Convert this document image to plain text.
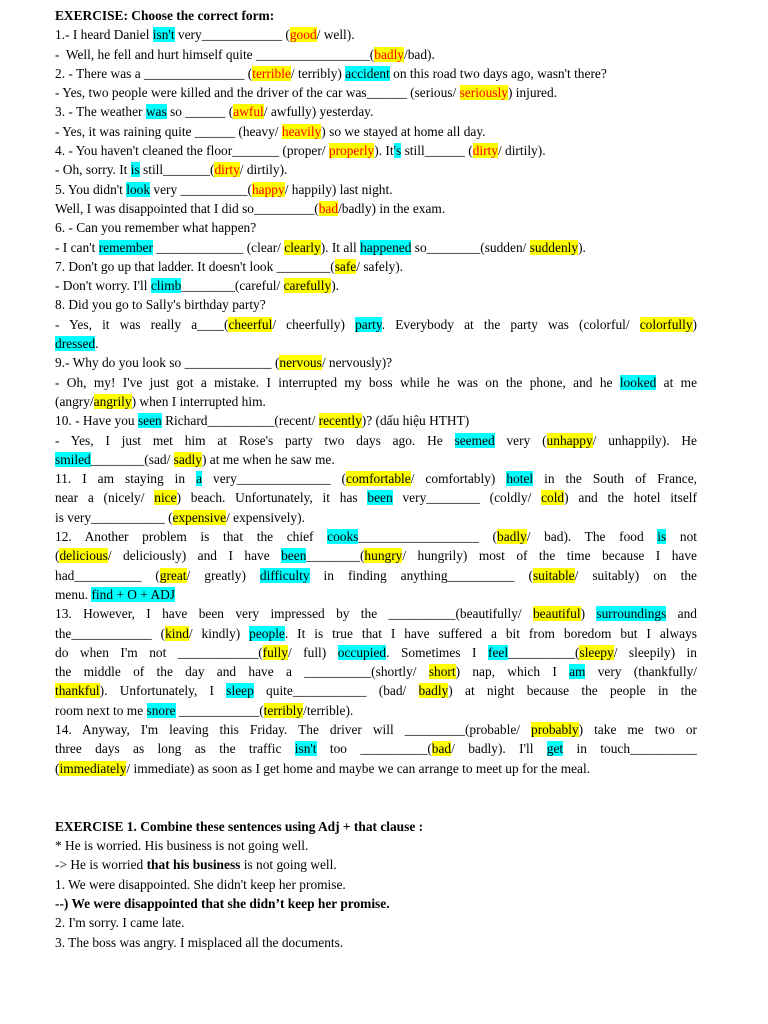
EXERCISE: Choose the correct form:
1.- I heard Daniel isn't very____________ (good/ well).
-  Well, he fell and hurt himself quite _________________(badly/bad).
2. - There was a _______________ (terrible/ terribly) accident on this road two days ago, wasn't there?
- Yes, two people were killed and the driver of the car was______ (serious/ seriously) injured.
3. - The weather was so ______ (awful/ awfully) yesterday.
- Yes, it was raining quite ______ (heavy/ heavily) so we stayed at home all day.
4. - You haven't cleaned the floor_______ (proper/ properly). It's still______ (dirty/ dirtily).
- Oh, sorry. It is still_______(dirty/ dirtily).
5. You didn't look very __________(happy/ happily) last night.
Well, I was disappointed that I did so_________(bad/badly) in the exam.
6. - Can you remember what happen?
- I can't remember _____________ (clear/ clearly). It all happened so________(sudden/ suddenly).
7. Don't go up that ladder. It doesn't look ________(safe/ safely).
- Don't worry. I'll climb________(careful/ carefully).
8. Did you go to Sally's birthday party?
- Yes, it was really a____(cheerful/ cheerfully) party. Everybody at the party was (colorful/ colorfully)
dressed.
9.- Why do you look so _____________ (nervous/ nervously)?
- Oh, my! I've just got a mistake. I interrupted my boss while he was on the phone, and he looked at me
(angry/angrily) when I interrupted him.
10. - Have you seen Richard__________(recent/ recently)? (dấu hiệu HTHT)
- Yes, I just met him at Rose's party two days ago. He seemed very (unhappy/ unhappily). He
smiled________(sad/ sadly) at me when he saw me.
11. I am staying in a very______________ (comfortable/ comfortably) hotel in the South of France,
near a (nicely/ nice) beach. Unfortunately, it has been very________ (coldly/ cold) and the hotel itself
is very___________ (expensive/ expensively).
12. Another problem is that the chief cooks__________________ (badly/ bad). The food is not
(delicious/ deliciously) and I have been________(hungry/ hungrily) most of the time because I have
had__________ (great/ greatly) difficulty in finding anything__________ (suitable/ suitably) on the
menu. find + O + ADJ
13. However, I have been very impressed by the __________(beautifully/ beautiful) surroundings and
the____________ (kind/ kindly) people. It is true that I have suffered a bit from boredom but I always
do when I'm not ____________(fully/ full) occupied. Sometimes I feel__________(sleepy/ sleepily) in
the middle of the day and have a __________(shortly/ short) nap, which I am very (thankfully/
thankful). Unfortunately, I sleep quite___________ (bad/ badly) at night because the people in the
room next to me snore ____________(terribly/terrible).
14. Anyway, I'm leaving this Friday. The driver will _________(probable/ probably) take me two or
three days as long as the traffic isn't too __________(bad/ badly). I'll get in touch__________
(immediately/ immediate) as soon as I get home and maybe we can arrange to meet up for the meal.
EXERCISE 1. Combine these sentences using Adj + that clause :
* He is worried. His business is not going well.
-> He is worried that his business is not going well.
1. We were disappointed. She didn't keep her promise.
--) We were disappointed that she didn’t keep her promise.
2. I'm sorry. I came late.
3. The boss was angry. I misplaced all the documents.
